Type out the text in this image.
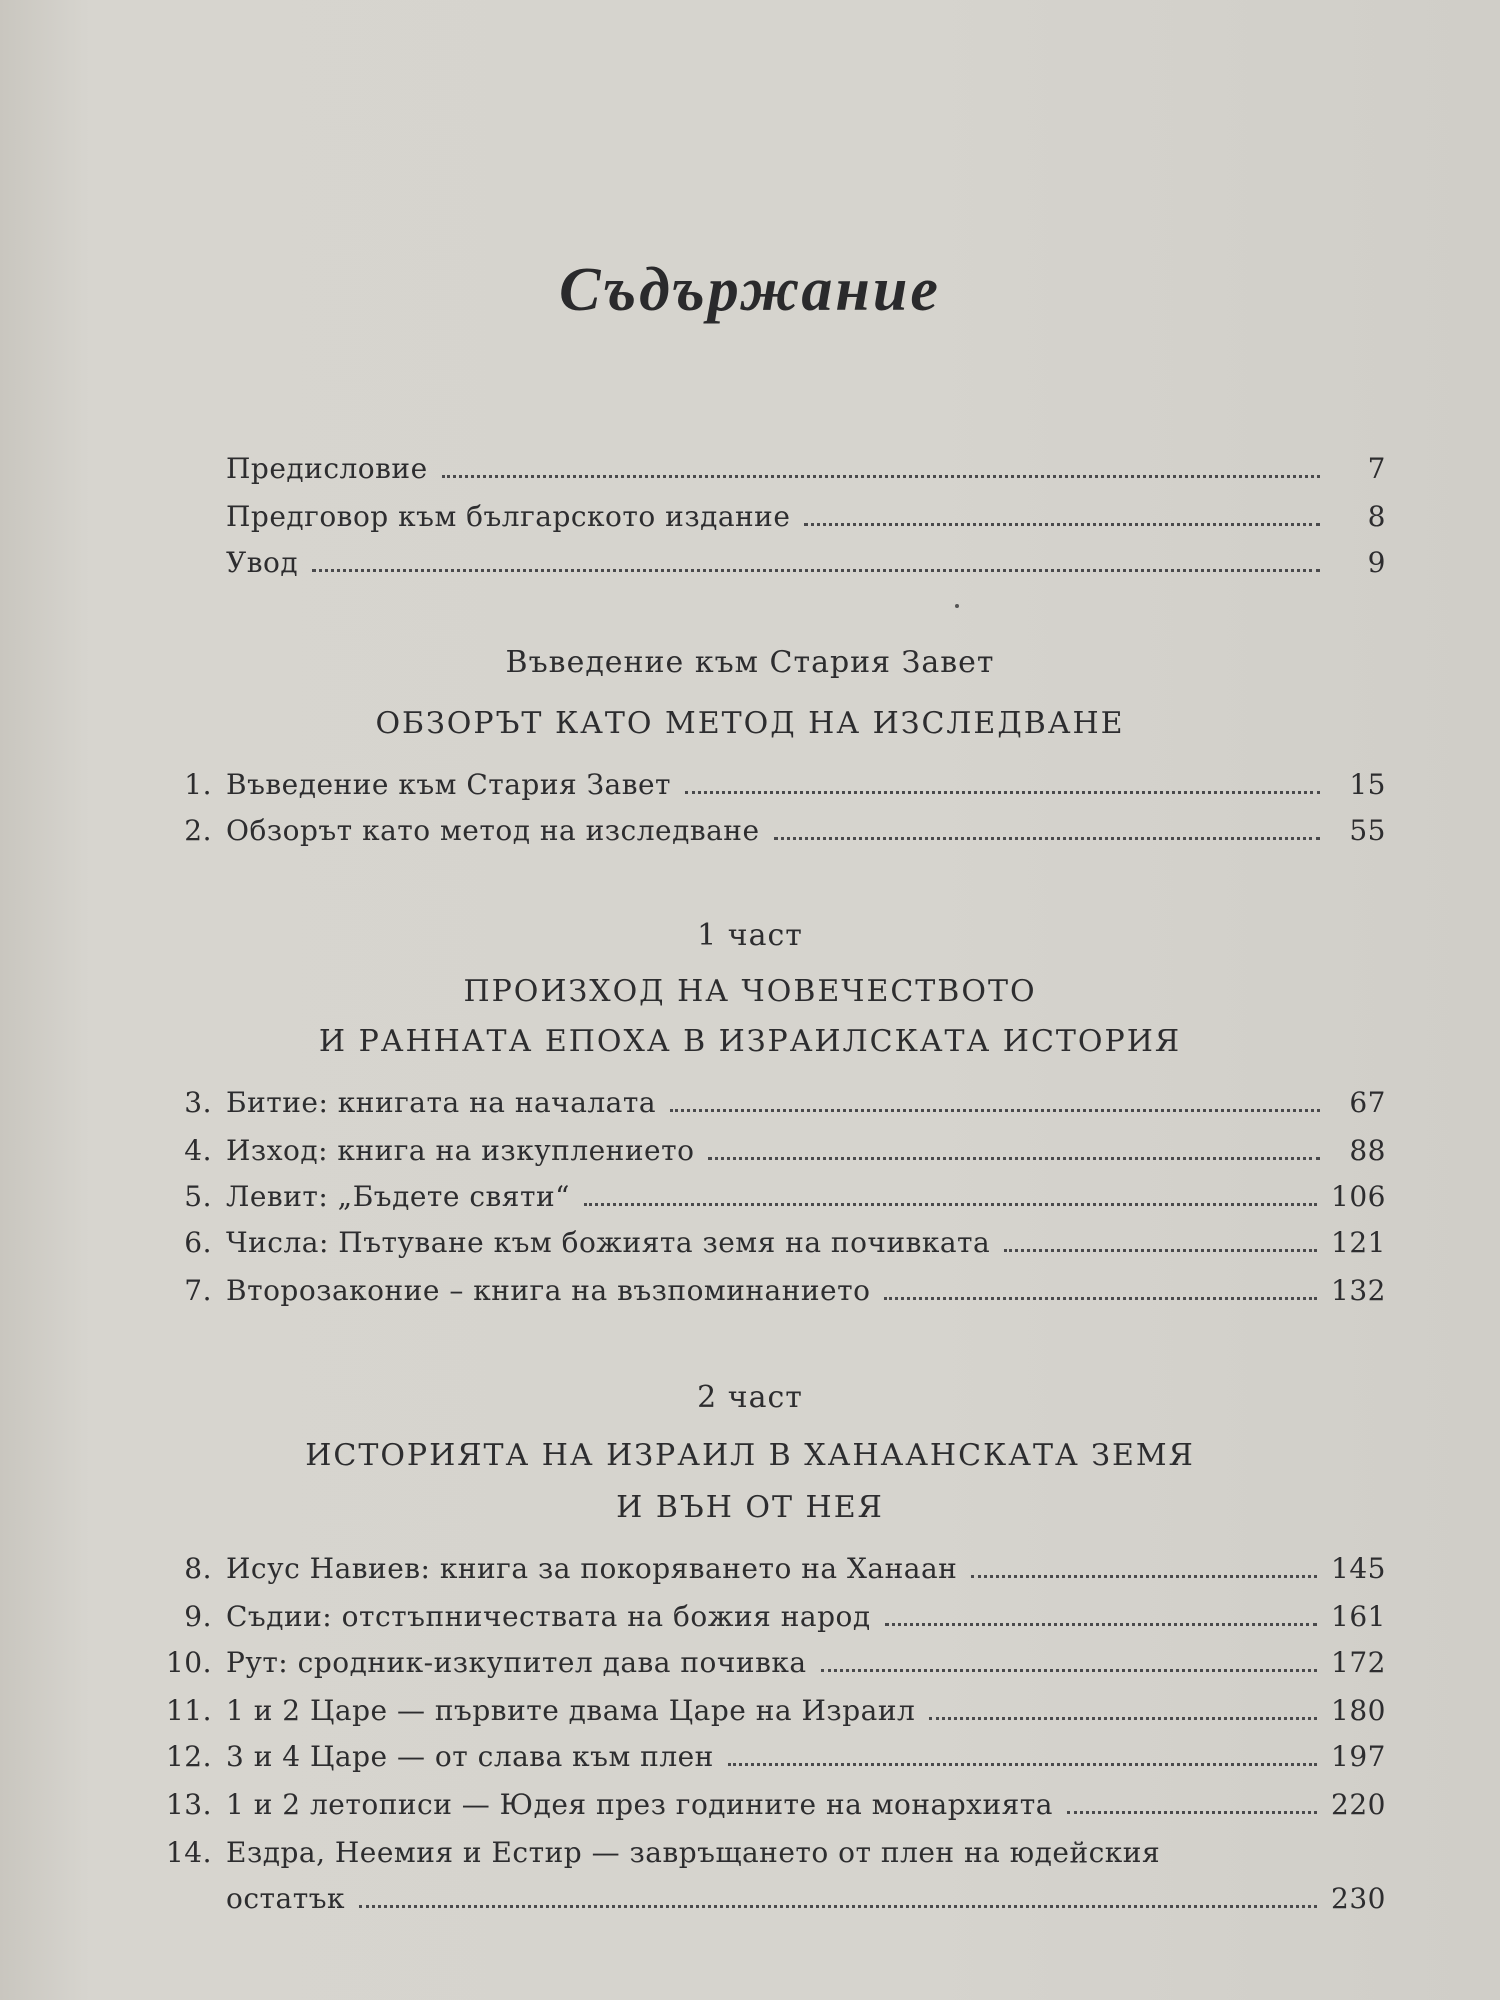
Съдържание
Предисловие	7
Предговор към българското издание	8
Увод	9
Въведение към Стария Завет
ОБЗОРЪТ КАТО МЕТОД НА ИЗСЛЕДВАНЕ
1. Въведение към Стария Завет	15
2. Обзорът като метод на изследване	55
1 част
ПРОИЗХОД НА ЧОВЕЧЕСТВОТО
И РАННАТА ЕПОХА В ИЗРАИЛСКАТА ИСТОРИЯ
3. Битие: книгата на началата	67
4. Изход: книга на изкуплението	88
5. Левит: „Бъдете святи“	106
6. Числа: Пътуване към божията земя на почивката	121
7. Второзаконие – книга на възпоминанието	132
2 част
ИСТОРИЯТА НА ИЗРАИЛ В ХАНААНСКАТА ЗЕМЯ
И ВЪН ОТ НЕЯ
8. Исус Навиев: книга за покоряването на Ханаан	145
9. Съдии: отстъпничествата на божия народ	161
10. Рут: сродник-изкупител дава почивка	172
11. 1 и 2 Царе — първите двама Царе на Израил	180
12. 3 и 4 Царе — от слава към плен	197
13. 1 и 2 летописи — Юдея през годините на монархията	220
14. Ездра, Неемия и Естир — завръщането от плен на юдейския
остатък	230
